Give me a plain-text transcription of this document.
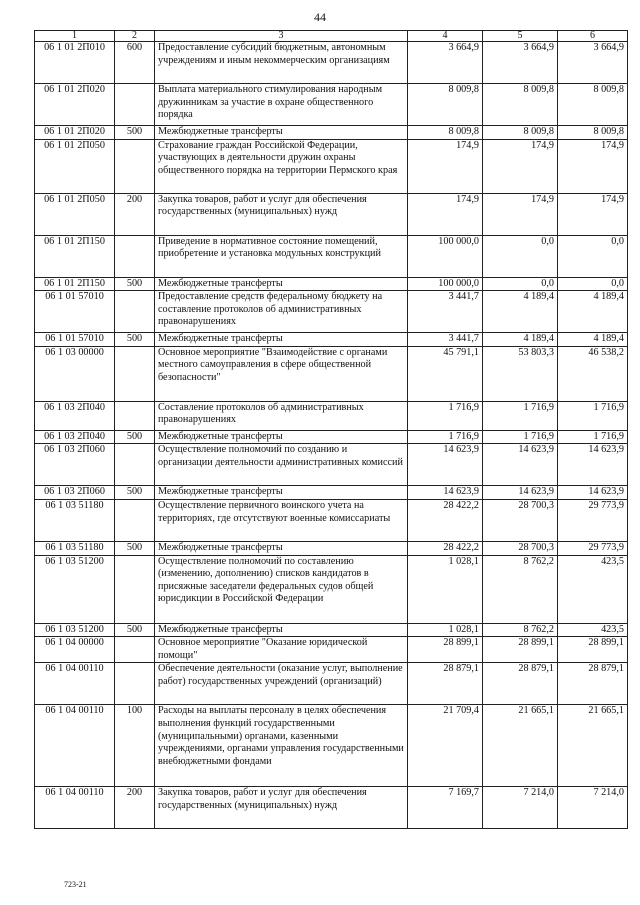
44
1	2	3	4	5	6
06 1 01 2П010	600	Предоставление субсидий бюджетным, автономным учреждениям и иным некоммерческим организациям	3 664,9	3 664,9	3 664,9
06 1 01 2П020		Выплата материального стимулирования народным дружинникам за участие в охране общественного порядка	8 009,8	8 009,8	8 009,8
06 1 01 2П020	500	Межбюджетные трансферты	8 009,8	8 009,8	8 009,8
06 1 01 2П050		Страхование граждан Российской Федерации, участвующих в деятельности дружин охраны общественного порядка на территории Пермского края	174,9	174,9	174,9
06 1 01 2П050	200	Закупка товаров, работ и услуг для обеспечения государственных (муниципальных) нужд	174,9	174,9	174,9
06 1 01 2П150		Приведение в нормативное состояние помещений, приобретение и установка модульных конструкций	100 000,0	0,0	0,0
06 1 01 2П150	500	Межбюджетные трансферты	100 000,0	0,0	0,0
06 1 01 57010		Предоставление средств федеральному бюджету на составление протоколов об административных правонарушениях	3 441,7	4 189,4	4 189,4
06 1 01 57010	500	Межбюджетные трансферты	3 441,7	4 189,4	4 189,4
06 1 03 00000		Основное мероприятие "Взаимодействие с органами местного самоуправления в сфере общественной безопасности"	45 791,1	53 803,3	46 538,2
06 1 03 2П040		Составление протоколов об административных правонарушениях	1 716,9	1 716,9	1 716,9
06 1 03 2П040	500	Межбюджетные трансферты	1 716,9	1 716,9	1 716,9
06 1 03 2П060		Осуществление полномочий по созданию и организации деятельности административных комиссий	14 623,9	14 623,9	14 623,9
06 1 03 2П060	500	Межбюджетные трансферты	14 623,9	14 623,9	14 623,9
06 1 03 51180		Осуществление первичного воинского учета на территориях, где отсутствуют военные комиссариаты	28 422,2	28 700,3	29 773,9
06 1 03 51180	500	Межбюджетные трансферты	28 422,2	28 700,3	29 773,9
06 1 03 51200		Осуществление полномочий по составлению (изменению, дополнению) списков кандидатов в присяжные заседатели федеральных судов общей юрисдикции в Российской Федерации	1 028,1	8 762,2	423,5
06 1 03 51200	500	Межбюджетные трансферты	1 028,1	8 762,2	423,5
06 1 04 00000		Основное мероприятие "Оказание юридической помощи"	28 899,1	28 899,1	28 899,1
06 1 04 00110		Обеспечение деятельности (оказание услуг, выполнение работ) государственных учреждений (организаций)	28 879,1	28 879,1	28 879,1
06 1 04 00110	100	Расходы на выплаты персоналу в целях обеспечения выполнения функций государственными (муниципальными) органами, казенными учреждениями, органами управления государственными внебюджетными фондами	21 709,4	21 665,1	21 665,1
06 1 04 00110	200	Закупка товаров, работ и услуг для обеспечения государственных (муниципальных) нужд	7 169,7	7 214,0	7 214,0
723-21
